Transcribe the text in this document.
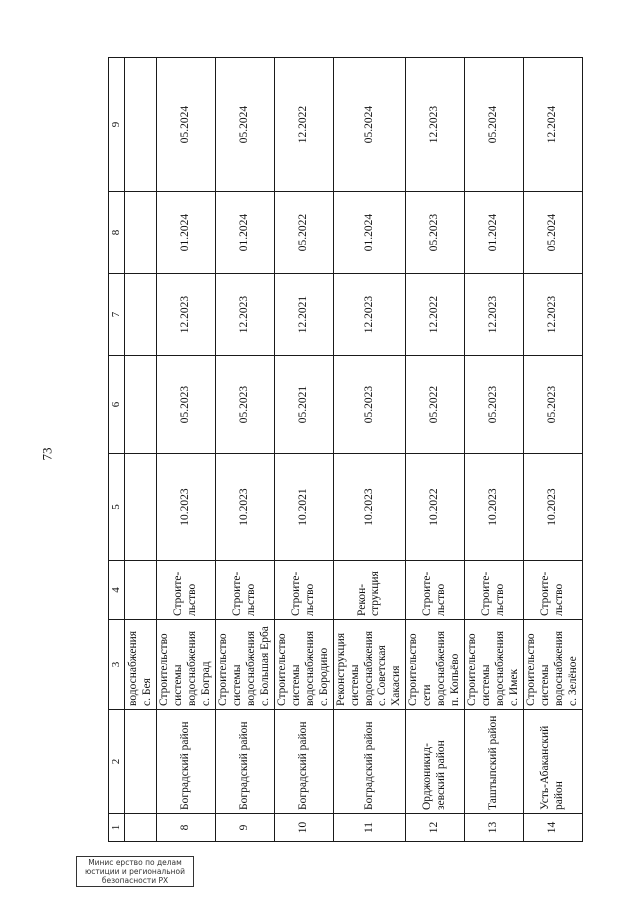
73
1	2	3	4	5	6	7	8	9
		водоснабжения
с. Бея						
8	Боградский район	Строительство системы водоснабжения с. Боград	Строите-льство	10.2023	05.2023	12.2023	01.2024	05.2024
9	Боградский район	Строительство системы водоснабжения с. Большая Ерба	Строите-льство	10.2023	05.2023	12.2023	01.2024	05.2024
10	Боградский район	Строительство системы водоснабжения с. Бородино	Строите-льство	10.2021	05.2021	12.2021	05.2022	12.2022
11	Боградский район	Реконструкция системы водоснабжения с. Советская Хакасия	Рекон-струкция	10.2023	05.2023	12.2023	01.2024	05.2024
12	Орджоникид-зевский район	Строительство сети водоснабжения п. Копьёво	Строите-льство	10.2022	05.2022	12.2022	05.2023	12.2023
13	Таштыпский район	Строительство системы водоснабжения с. Имек	Строите-льство	10.2023	05.2023	12.2023	01.2024	05.2024
14	Усть-Абаканский район	Строительство системы водоснабжения с. Зелёное	Строите-льство	10.2023	05.2023	12.2023	05.2024	12.2024
Минис ерство по делам юстиции и региональной безопасности РХ
